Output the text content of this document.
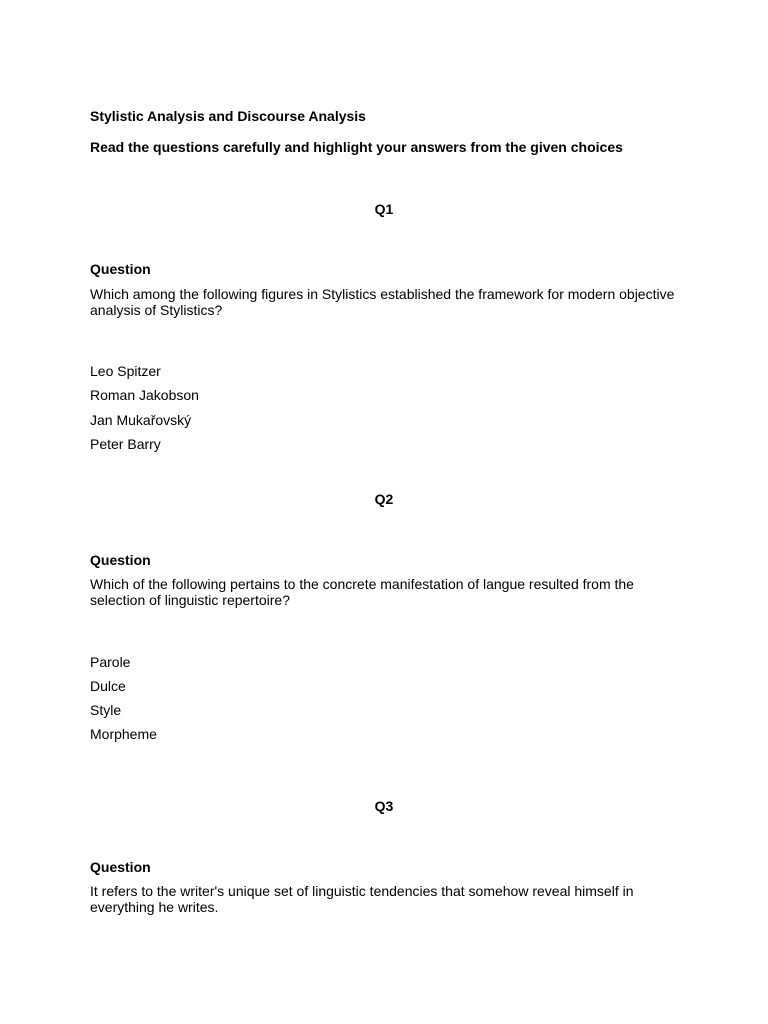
Stylistic Analysis and Discourse Analysis

Read the questions carefully and highlight your answers from the given choices

Q1

Question

Which among the following figures in Stylistics established the framework for modern objective analysis of Stylistics?

Leo Spitzer

Roman Jakobson

Jan Mukařovský

Peter Barry

Q2

Question

Which of the following pertains to the concrete manifestation of langue resulted from the selection of linguistic repertoire?

Parole

Dulce

Style

Morpheme

Q3

Question

It refers to the writer's unique set of linguistic tendencies that somehow reveal himself in everything he writes.
